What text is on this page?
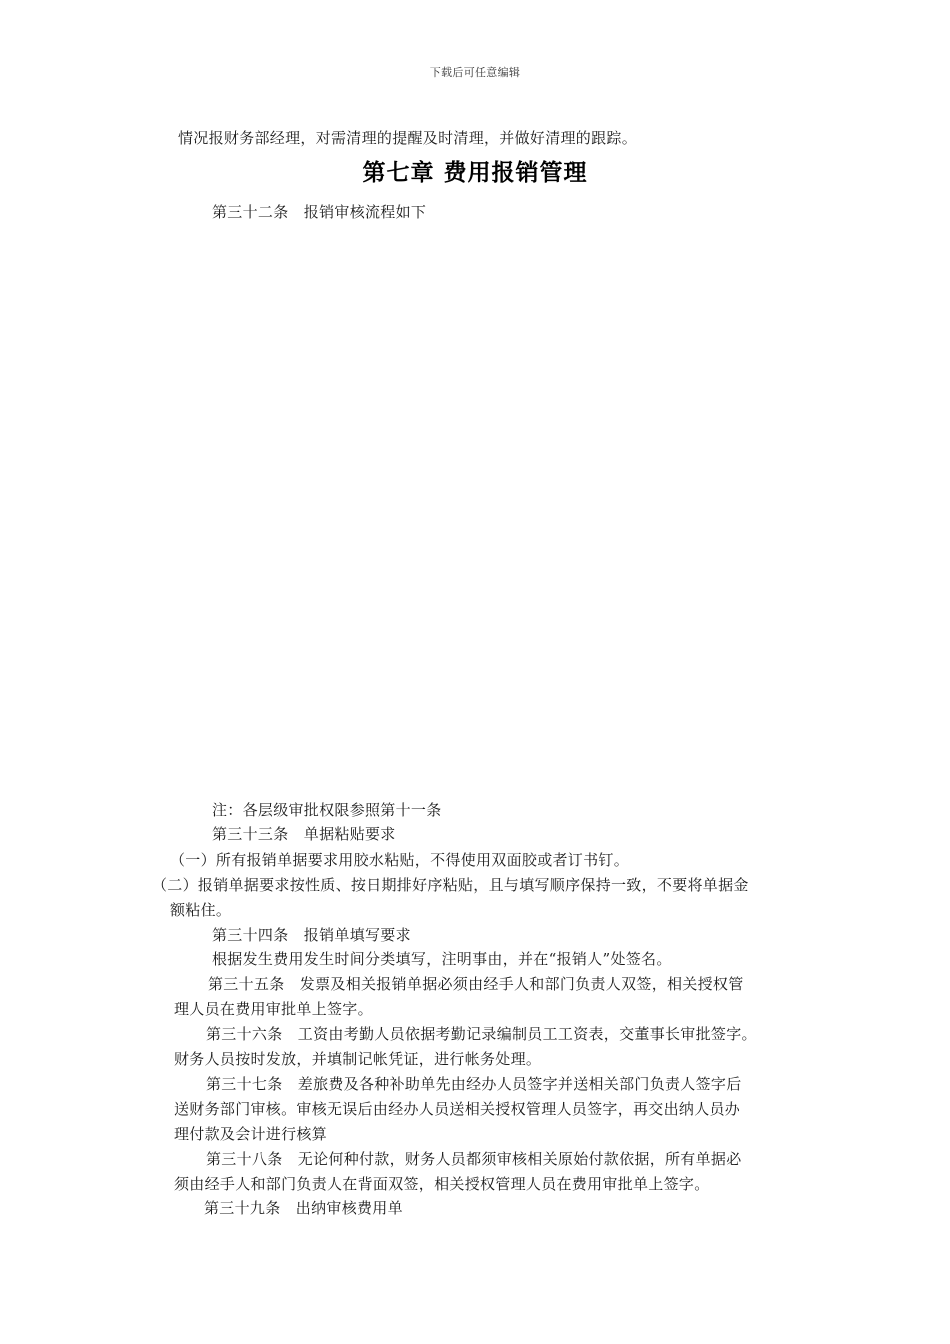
下载后可任意编辑
情况报财务部经理，对需清理的提醒及时清理，并做好清理的跟踪。
第七章 费用报销管理
第三十二条　报销审核流程如下
注：各层级审批权限参照第十一条
第三十三条　单据粘贴要求
（一）所有报销单据要求用胶水粘贴，不得使用双面胶或者订书钉。
（二）报销单据要求按性质、按日期排好序粘贴，且与填写顺序保持一致，不要将单据金
额粘住。
第三十四条　报销单填写要求
根据发生费用发生时间分类填写，注明事由，并在“报销人”处签名。
第三十五条　发票及相关报销单据必须由经手人和部门负责人双签，相关授权管
理人员在费用审批单上签字。
第三十六条　工资由考勤人员依据考勤记录编制员工工资表，交董事长审批签字。
财务人员按时发放，并填制记帐凭证，进行帐务处理。
第三十七条　差旅费及各种补助单先由经办人员签字并送相关部门负责人签字后
送财务部门审核。审核无误后由经办人员送相关授权管理人员签字，再交出纳人员办
理付款及会计进行核算
第三十八条　无论何种付款，财务人员都须审核相关原始付款依据，所有单据必
须由经手人和部门负责人在背面双签，相关授权管理人员在费用审批单上签字。
第三十九条　出纳审核费用单
